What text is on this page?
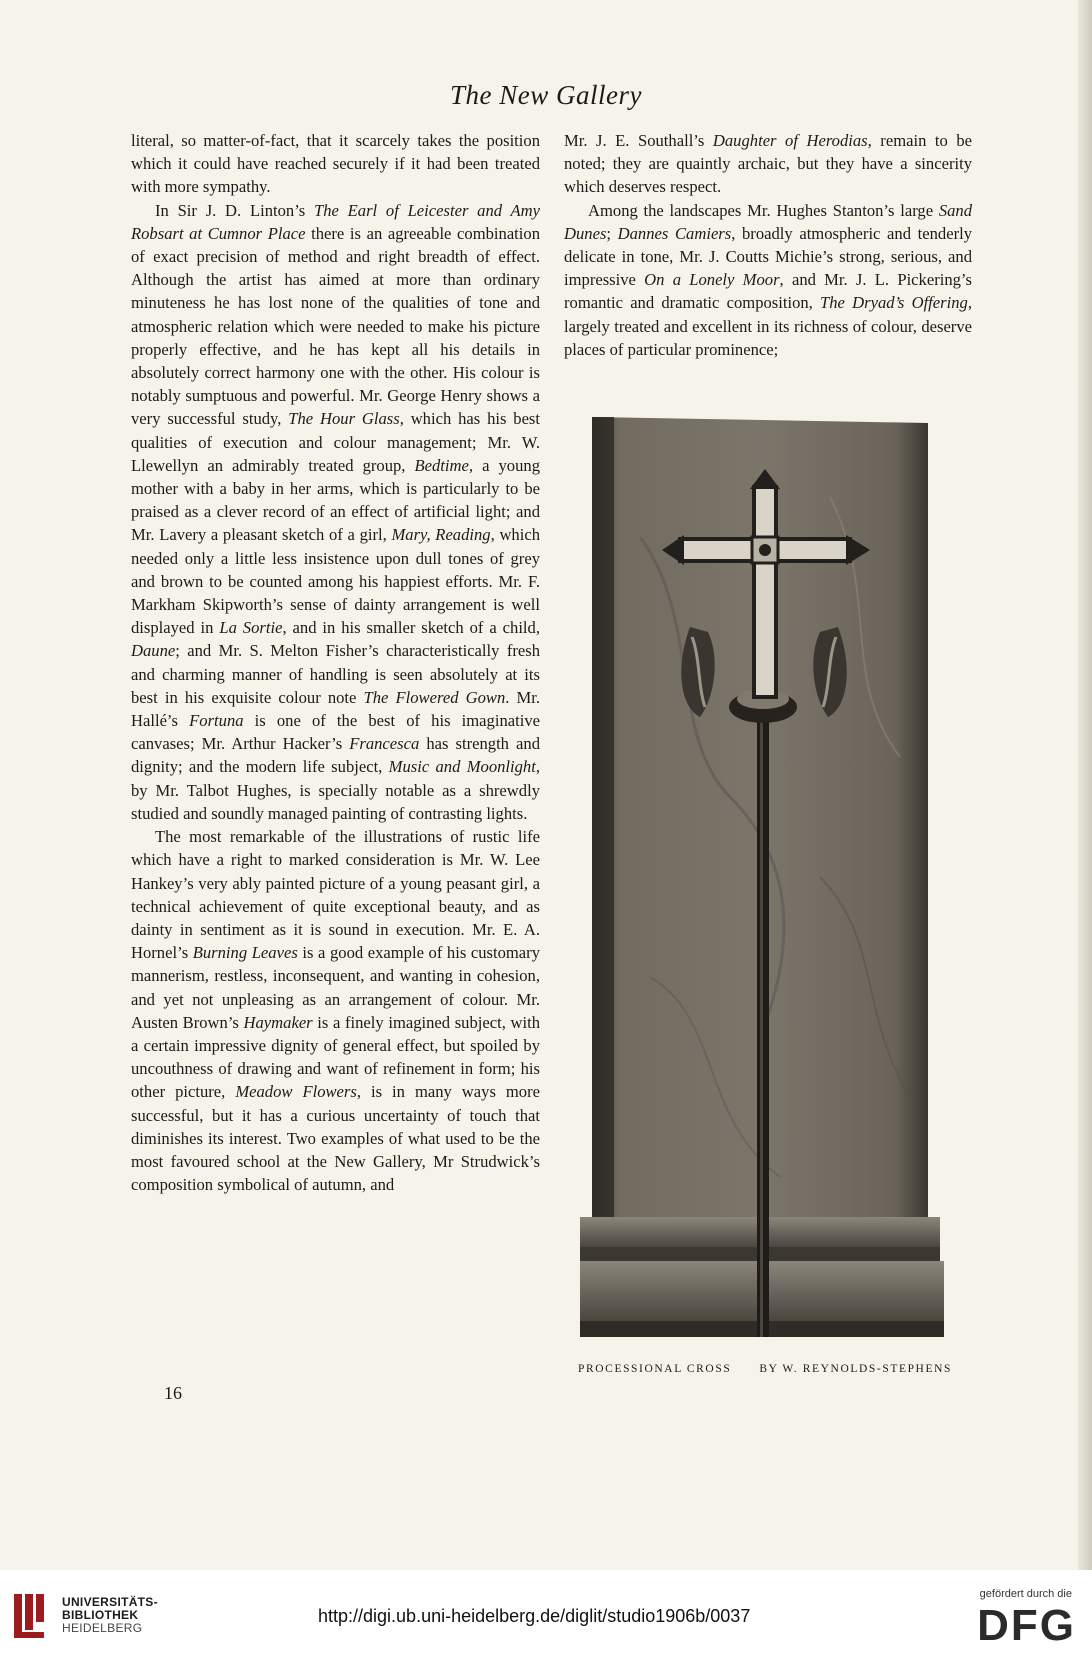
The New Gallery

literal, so matter-of-fact, that it scarcely takes the position which it could have reached securely if it had been treated with more sympathy.

In Sir J. D. Linton’s The Earl of Leicester and Amy Robsart at Cumnor Place there is an agreeable combination of exact precision of method and right breadth of effect. Although the artist has aimed at more than ordinary minuteness he has lost none of the qualities of tone and atmospheric relation which were needed to make his picture properly effective, and he has kept all his details in absolutely correct harmony one with the other. His colour is notably sumptuous and powerful. Mr. George Henry shows a very successful study, The Hour Glass, which has his best qualities of execution and colour management; Mr. W. Llewellyn an admirably treated group, Bedtime, a young mother with a baby in her arms, which is particularly to be praised as a clever record of an effect of artificial light; and Mr. Lavery a pleasant sketch of a girl, Mary, Reading, which needed only a little less insistence upon dull tones of grey and brown to be counted among his happiest efforts. Mr. F. Markham Skipworth’s sense of dainty arrangement is well displayed in La Sortie, and in his smaller sketch of a child, Daune; and Mr. S. Melton Fisher’s characteristically fresh and charming manner of handling is seen absolutely at its best in his exquisite colour note The Flowered Gown. Mr. Hallé’s Fortuna is one of the best of his imaginative canvases; Mr. Arthur Hacker’s Francesca has strength and dignity; and the modern life subject, Music and Moonlight, by Mr. Talbot Hughes, is specially notable as a shrewdly studied and soundly managed painting of contrasting lights.

The most remarkable of the illustrations of rustic life which have a right to marked consideration is Mr. W. Lee Hankey’s very ably painted picture of a young peasant girl, a technical achievement of quite exceptional beauty, and as dainty in sentiment as it is sound in execution. Mr. E. A. Hornel’s Burning Leaves is a good example of his customary mannerism, restless, inconsequent, and wanting in cohesion, and yet not unpleasing as an arrangement of colour. Mr. Austen Brown’s Haymaker is a finely imagined subject, with a certain impressive dignity of general effect, but spoiled by uncouthness of drawing and want of refinement in form; his other picture, Meadow Flowers, is in many ways more successful, but it has a curious uncertainty of touch that diminishes its interest. Two examples of what used to be the most favoured school at the New Gallery, Mr Strudwick’s composition symbolical of autumn, and

Mr. J. E. Southall’s Daughter of Herodias, remain to be noted; they are quaintly archaic, but they have a sincerity which deserves respect.

Among the landscapes Mr. Hughes Stanton’s large Sand Dunes; Dannes Camiers, broadly atmospheric and tenderly delicate in tone, Mr. J. Coutts Michie’s strong, serious, and impressive On a Lonely Moor, and Mr. J. L. Pickering’s romantic and dramatic composition, The Dryad’s Offering, largely treated and excellent in its richness of colour, deserve places of particular prominence;

PROCESSIONAL CROSS BY W. REYNOLDS-STEPHENS
16
UNIVERSITÄTS-
BIBLIOTHEK
HEIDELBERG
http://digi.ub.uni-heidelberg.de/diglit/studio1906b/0037
gefördert durch die
DFG
